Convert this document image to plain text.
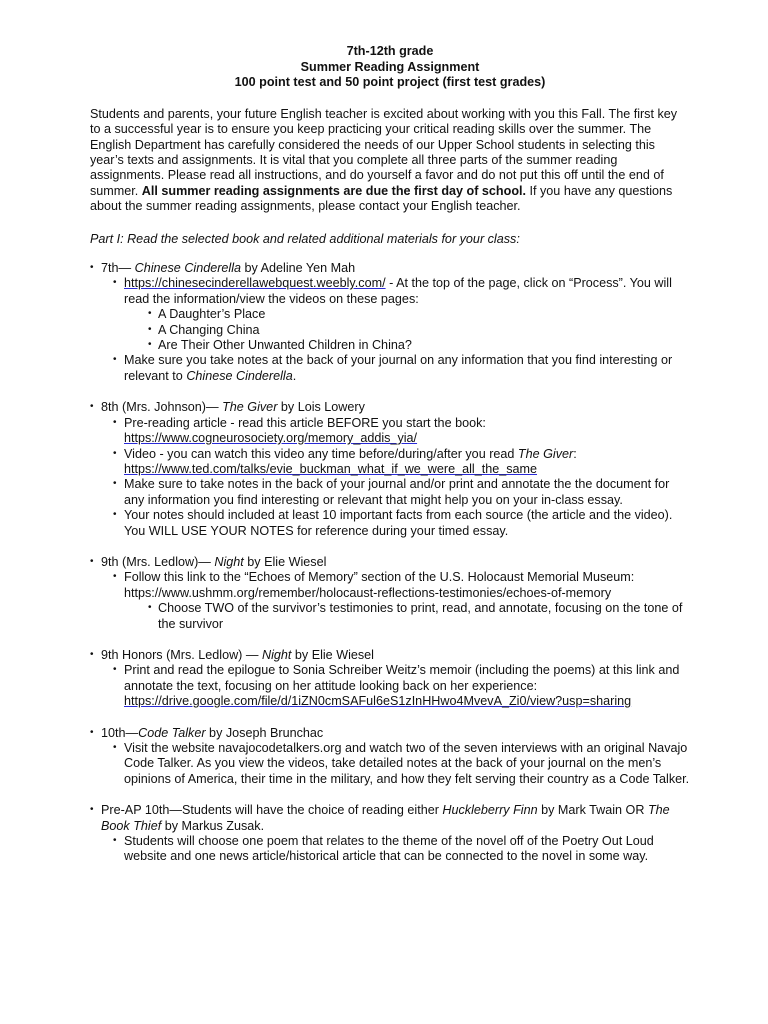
7th-12th grade
Summer Reading Assignment
100 point test and 50 point project (first test grades)
Students and parents, your future English teacher is excited about working with you this Fall. The first key to a successful year is to ensure you keep practicing your critical reading skills over the summer. The English Department has carefully considered the needs of our Upper School students in selecting this year’s texts and assignments. It is vital that you complete all three parts of the summer reading assignments. Please read all instructions, and do yourself a favor and do not put this off until the end of summer. All summer reading assignments are due the first day of school. If you have any questions about the summer reading assignments, please contact your English teacher.
Part I: Read the selected book and related additional materials for your class:
• 7th— Chinese Cinderella by Adeline Yen Mah
• https://chinesecinderellawebquest.weebly.com/ - At the top of the page, click on “Process”. You will read the information/view the videos on these pages:
• A Daughter’s Place
• A Changing China
• Are Their Other Unwanted Children in China?
• Make sure you take notes at the back of your journal on any information that you find interesting or relevant to Chinese Cinderella.
• 8th (Mrs. Johnson)— The Giver by Lois Lowery
• Pre-reading article - read this article BEFORE you start the book: https://www.cogneurosociety.org/memory_addis_yia/
• Video - you can watch this video any time before/during/after you read The Giver: https://www.ted.com/talks/evie_buckman_what_if_we_were_all_the_same
• Make sure to take notes in the back of your journal and/or print and annotate the the document for any information you find interesting or relevant that might help you on your in-class essay.
• Your notes should included at least 10 important facts from each source (the article and the video). You WILL USE YOUR NOTES for reference during your timed essay.
• 9th (Mrs. Ledlow)— Night by Elie Wiesel
• Follow this link to the “Echoes of Memory” section of the U.S. Holocaust Memorial Museum: https://www.ushmm.org/remember/holocaust-reflections-testimonies/echoes-of-memory
• Choose TWO of the survivor’s testimonies to print, read, and annotate, focusing on the tone of the survivor
• 9th Honors (Mrs. Ledlow) — Night by Elie Wiesel
• Print and read the epilogue to Sonia Schreiber Weitz’s memoir (including the poems) at this link and annotate the text, focusing on her attitude looking back on her experience: https://drive.google.com/file/d/1iZN0cmSAFul6eS1zInHHwo4MvevA_Zi0/view?usp=sharing
• 10th—Code Talker by Joseph Brunchac
• Visit the website navajocodetalkers.org and watch two of the seven interviews with an original Navajo Code Talker. As you view the videos, take detailed notes at the back of your journal on the men’s opinions of America, their time in the military, and how they felt serving their country as a Code Talker.
• Pre-AP 10th—Students will have the choice of reading either Huckleberry Finn by Mark Twain OR The Book Thief by Markus Zusak.
• Students will choose one poem that relates to the theme of the novel off of the Poetry Out Loud website and one news article/historical article that can be connected to the novel in some way.
